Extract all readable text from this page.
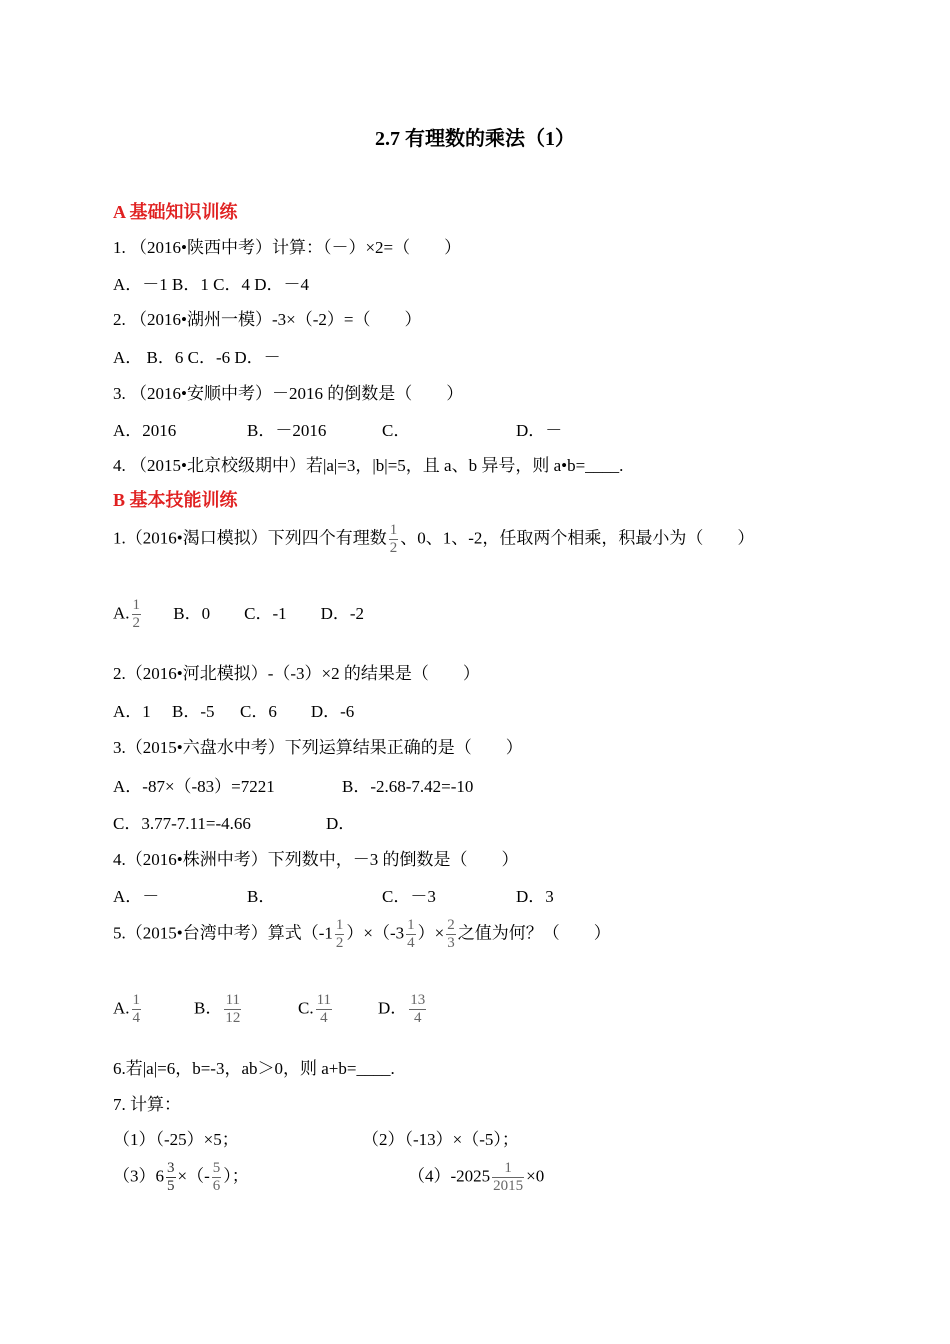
2.7 有理数的乘法（1）
A 基础知识训练
1. （2016•陕西中考）计算：（－）×2=（　　）
A．－1 B．1 C．4 D．－4
2. （2016•湖州一模）-3×（-2）=（　　）
A． B．6 C．-6 D．－
3. （2016•安顺中考）－2016 的倒数是（　　）
A．2016	B．－2016	C．	D．－
4. （2015•北京校级期中）若|a|=3，|b|=5，且 a、b 异号，则 a•b=____.
B 基本技能训练
1.（2016•渴口模拟）下列四个有理数 $\frac{1}{2}$ 、0、1、-2，任取两个相乘，积最小为（　　）
A. $\frac{1}{2}$ B．0        C．-1        D．-2
2.（2016•河北模拟）-（-3）×2 的结果是（　　）
A．1     B．-5      C．6        D．-6
3.（2015•六盘水中考）下列运算结果正确的是（　　）
A．-87×（-83）=7221	B．-2.68-7.42=-10
C．3.77-7.11=-4.66	D．
4.（2016•株洲中考）下列数中，－3 的倒数是（　　）
A．－	B．	C．－3	D．3
5.（2015•台湾中考）算式$(-1 \frac{1}{2} )\times(-3 \frac{1}{4}$ ）× $\frac{2}{3}$ 之值为何？（　　）
A. $\frac{1}{4}$	B． $\frac{11}{12}$	C. $\frac{11}{4}$	D． $\frac{13}{4}$
6.若|a|=6，b=-3，ab＞0，则 a+b=____.
7. 计算：
（1）（-25）×5；	（2）（-13）×（-5）；
$(3)6 \frac{3}{5}$ ×（- $\frac{5}{6}$ ）；	$(4)-2025 \frac{1}{2015} \times 0$
